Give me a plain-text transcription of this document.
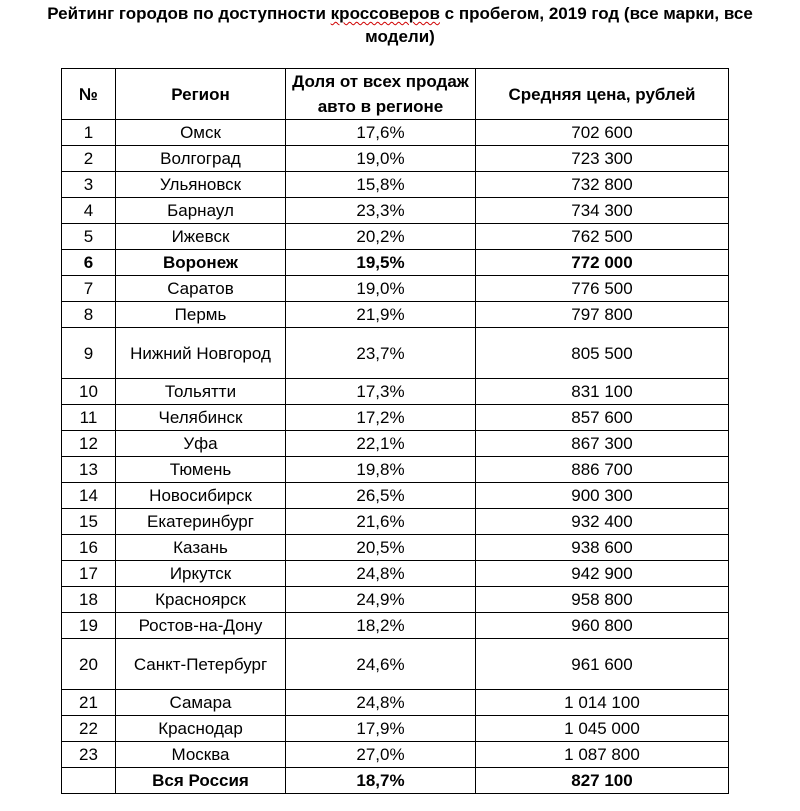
Рейтинг городов по доступности кроссоверов с пробегом, 2019 год (все марки, все
модели)
№	Регион	Доля от всех продаж авто в регионе	Средняя цена, рублей
1	Омск	17,6%	702 600
2	Волгоград	19,0%	723 300
3	Ульяновск	15,8%	732 800
4	Барнаул	23,3%	734 300
5	Ижевск	20,2%	762 500
6	Воронеж	19,5%	772 000
7	Саратов	19,0%	776 500
8	Пермь	21,9%	797 800
9	Нижний Новгород	23,7%	805 500
10	Тольятти	17,3%	831 100
11	Челябинск	17,2%	857 600
12	Уфа	22,1%	867 300
13	Тюмень	19,8%	886 700
14	Новосибирск	26,5%	900 300
15	Екатеринбург	21,6%	932 400
16	Казань	20,5%	938 600
17	Иркутск	24,8%	942 900
18	Красноярск	24,9%	958 800
19	Ростов-на-Дону	18,2%	960 800
20	Санкт-Петербург	24,6%	961 600
21	Самара	24,8%	1 014 100
22	Краснодар	17,9%	1 045 000
23	Москва	27,0%	1 087 800
	Вся Россия	18,7%	827 100
